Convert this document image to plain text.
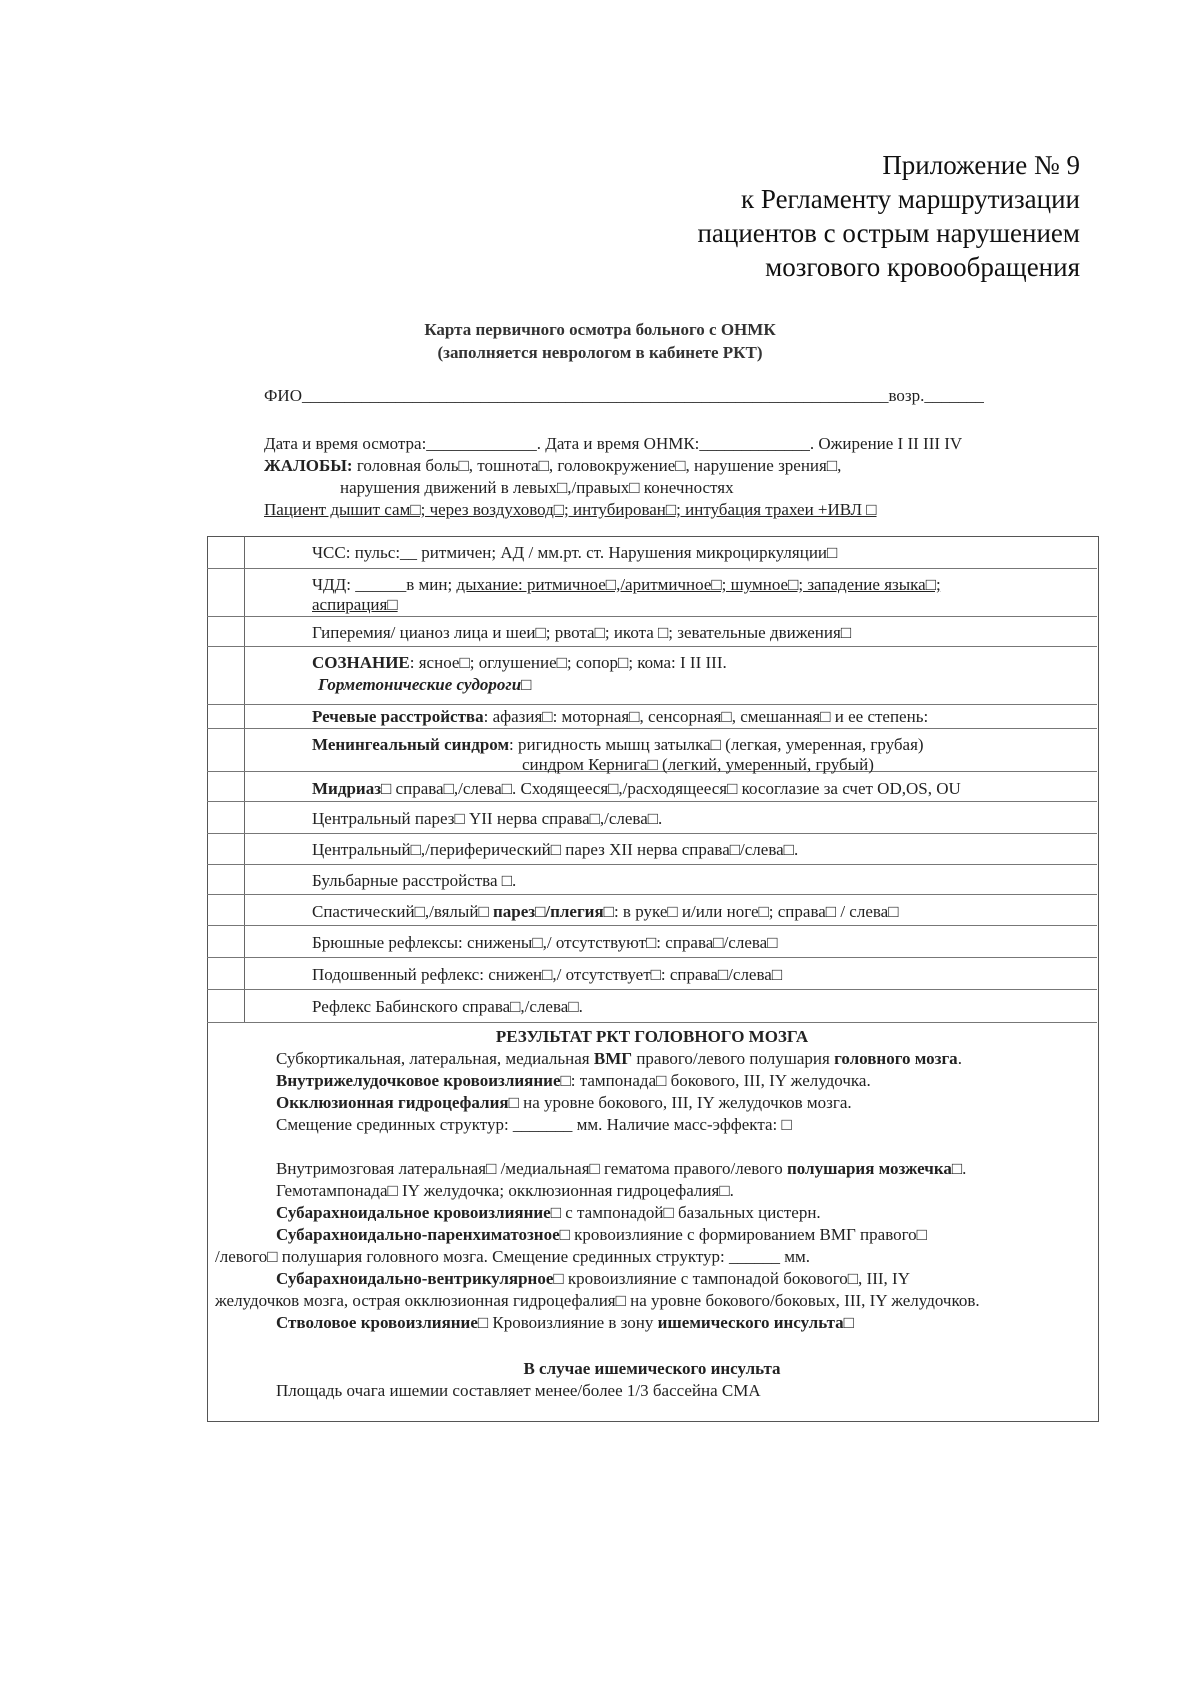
Приложение № 9
к Регламенту маршрутизации
пациентов с острым нарушением
мозгового кровообращения
Карта первичного осмотра больного с ОНМК
(заполняется неврологом в кабинете РКТ)
ФИО_____________________________________________________________________возр._______
Дата и время осмотра:_____________. Дата и время ОНМК:_____________. Ожирение I II III IV
ЖАЛОБЫ: головная боль□, тошнота□, головокружение□, нарушение зрения□,
нарушения движений в левых□,/правых□ конечностях
Пациент дышит сам□; через воздуховод□; интубирован□; интубация трахеи +ИВЛ □
ЧСС: пульс:__ ритмичен; АД / мм.рт. ст. Нарушения микроциркуляции□
ЧДД: ______в мин; дыхание: ритмичное□,/аритмичное□; шумное□; западение языка□;
аспирация□
Гиперемия/ цианоз лица и шеи□; рвота□; икота □; зевательные движения□
СОЗНАНИЕ: ясное□; оглушение□; сопор□; кома: I II III.
Горметонические судороги□
Речевые расстройства: афазия□: моторная□, сенсорная□, смешанная□ и ее степень:
Менингеальный синдром: ригидность мышц затылка□ (легкая, умеренная, грубая)
синдром Кернига□ (легкий, умеренный, грубый)
Мидриаз□ справа□,/слева□. Сходящееся□,/расходящееся□ косоглазие за счет OD,OS, OU
Центральный парез□ YII нерва справа□,/слева□.
Центральный□,/периферический□ парез XII нерва справа□/слева□.
Бульбарные расстройства □.
Спастический□,/вялый□ парез□/плегия□: в руке□ и/или ноге□; справа□ / слева□
Брюшные рефлексы: снижены□,/ отсутствуют□: справа□/слева□
Подошвенный рефлекс: снижен□,/ отсутствует□: справа□/слева□
Рефлекс Бабинского справа□,/слева□.
РЕЗУЛЬТАТ РКТ ГОЛОВНОГО МОЗГА
Субкортикальная, латеральная, медиальная ВМГ правого/левого полушария головного мозга.
Внутрижелудочковое кровоизлияние□: тампонада□ бокового, III, IY желудочка.
Окклюзионная гидроцефалия□ на уровне бокового, III, IY желудочков мозга.
Смещение срединных структур: _______ мм. Наличие масс-эффекта: □
Внутримозговая латеральная□ /медиальная□ гематома правого/левого полушария мозжечка□.
Гемотампонада□ IY желудочка; окклюзионная гидроцефалия□.
Субарахноидальное кровоизлияние□ с тампонадой□ базальных цистерн.
Субарахноидально-паренхиматозное□ кровоизлияние с формированием ВМГ правого□
/левого□ полушария головного мозга. Смещение срединных структур: ______ мм.
Субарахноидально-вентрикулярное□ кровоизлияние с тампонадой бокового□, III, IY
желудочков мозга, острая окклюзионная гидроцефалия□ на уровне бокового/боковых, III, IY желудочков.
Стволовое кровоизлияние□ Кровоизлияние в зону ишемического инсульта□
В случае ишемического инсульта
Площадь очага ишемии составляет менее/более 1/3 бассейна СМА
